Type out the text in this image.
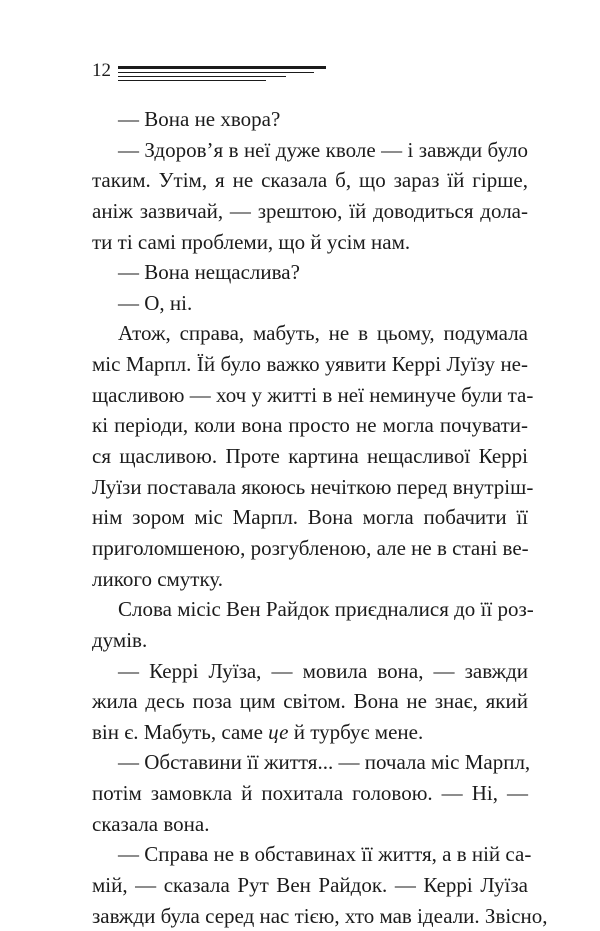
12
— Вона не хвора?
— Здоров’я в неї дуже кволе — і завжди було
таким. Утім, я не сказала б, що зараз їй гірше,
аніж зазвичай, — зрештою, їй доводиться дола-
ти ті самі проблеми, що й усім нам.
— Вона нещаслива?
— О, ні.
Атож, справа, мабуть, не в цьому, подумала
міс Марпл. Їй було важко уявити Керрі Луїзу не-
щасливою — хоч у житті в неї неминуче були та-
кі періоди, коли вона просто не могла почувати-
ся щасливою. Проте картина нещасливої Керрі
Луїзи поставала якоюсь нечіткою перед внутріш-
нім зором міс Марпл. Вона могла побачити її
приголомшеною, розгубленою, але не в стані ве-
ликого смутку.
Слова місіс Вен Райдок приєдналися до її роз-
думів.
— Керрі Луїза, — мовила вона, — завжди
жила десь поза цим світом. Вона не знає, який
він є. Мабуть, саме це й турбує мене.
— Обставини її життя... — почала міс Марпл,
потім замовкла й похитала головою. — Ні, —
сказала вона.
— Справа не в обставинах її життя, а в ній са-
мій, — сказала Рут Вен Райдок. — Керрі Луїза
завжди була серед нас тією, хто мав ідеали. Звісно,
